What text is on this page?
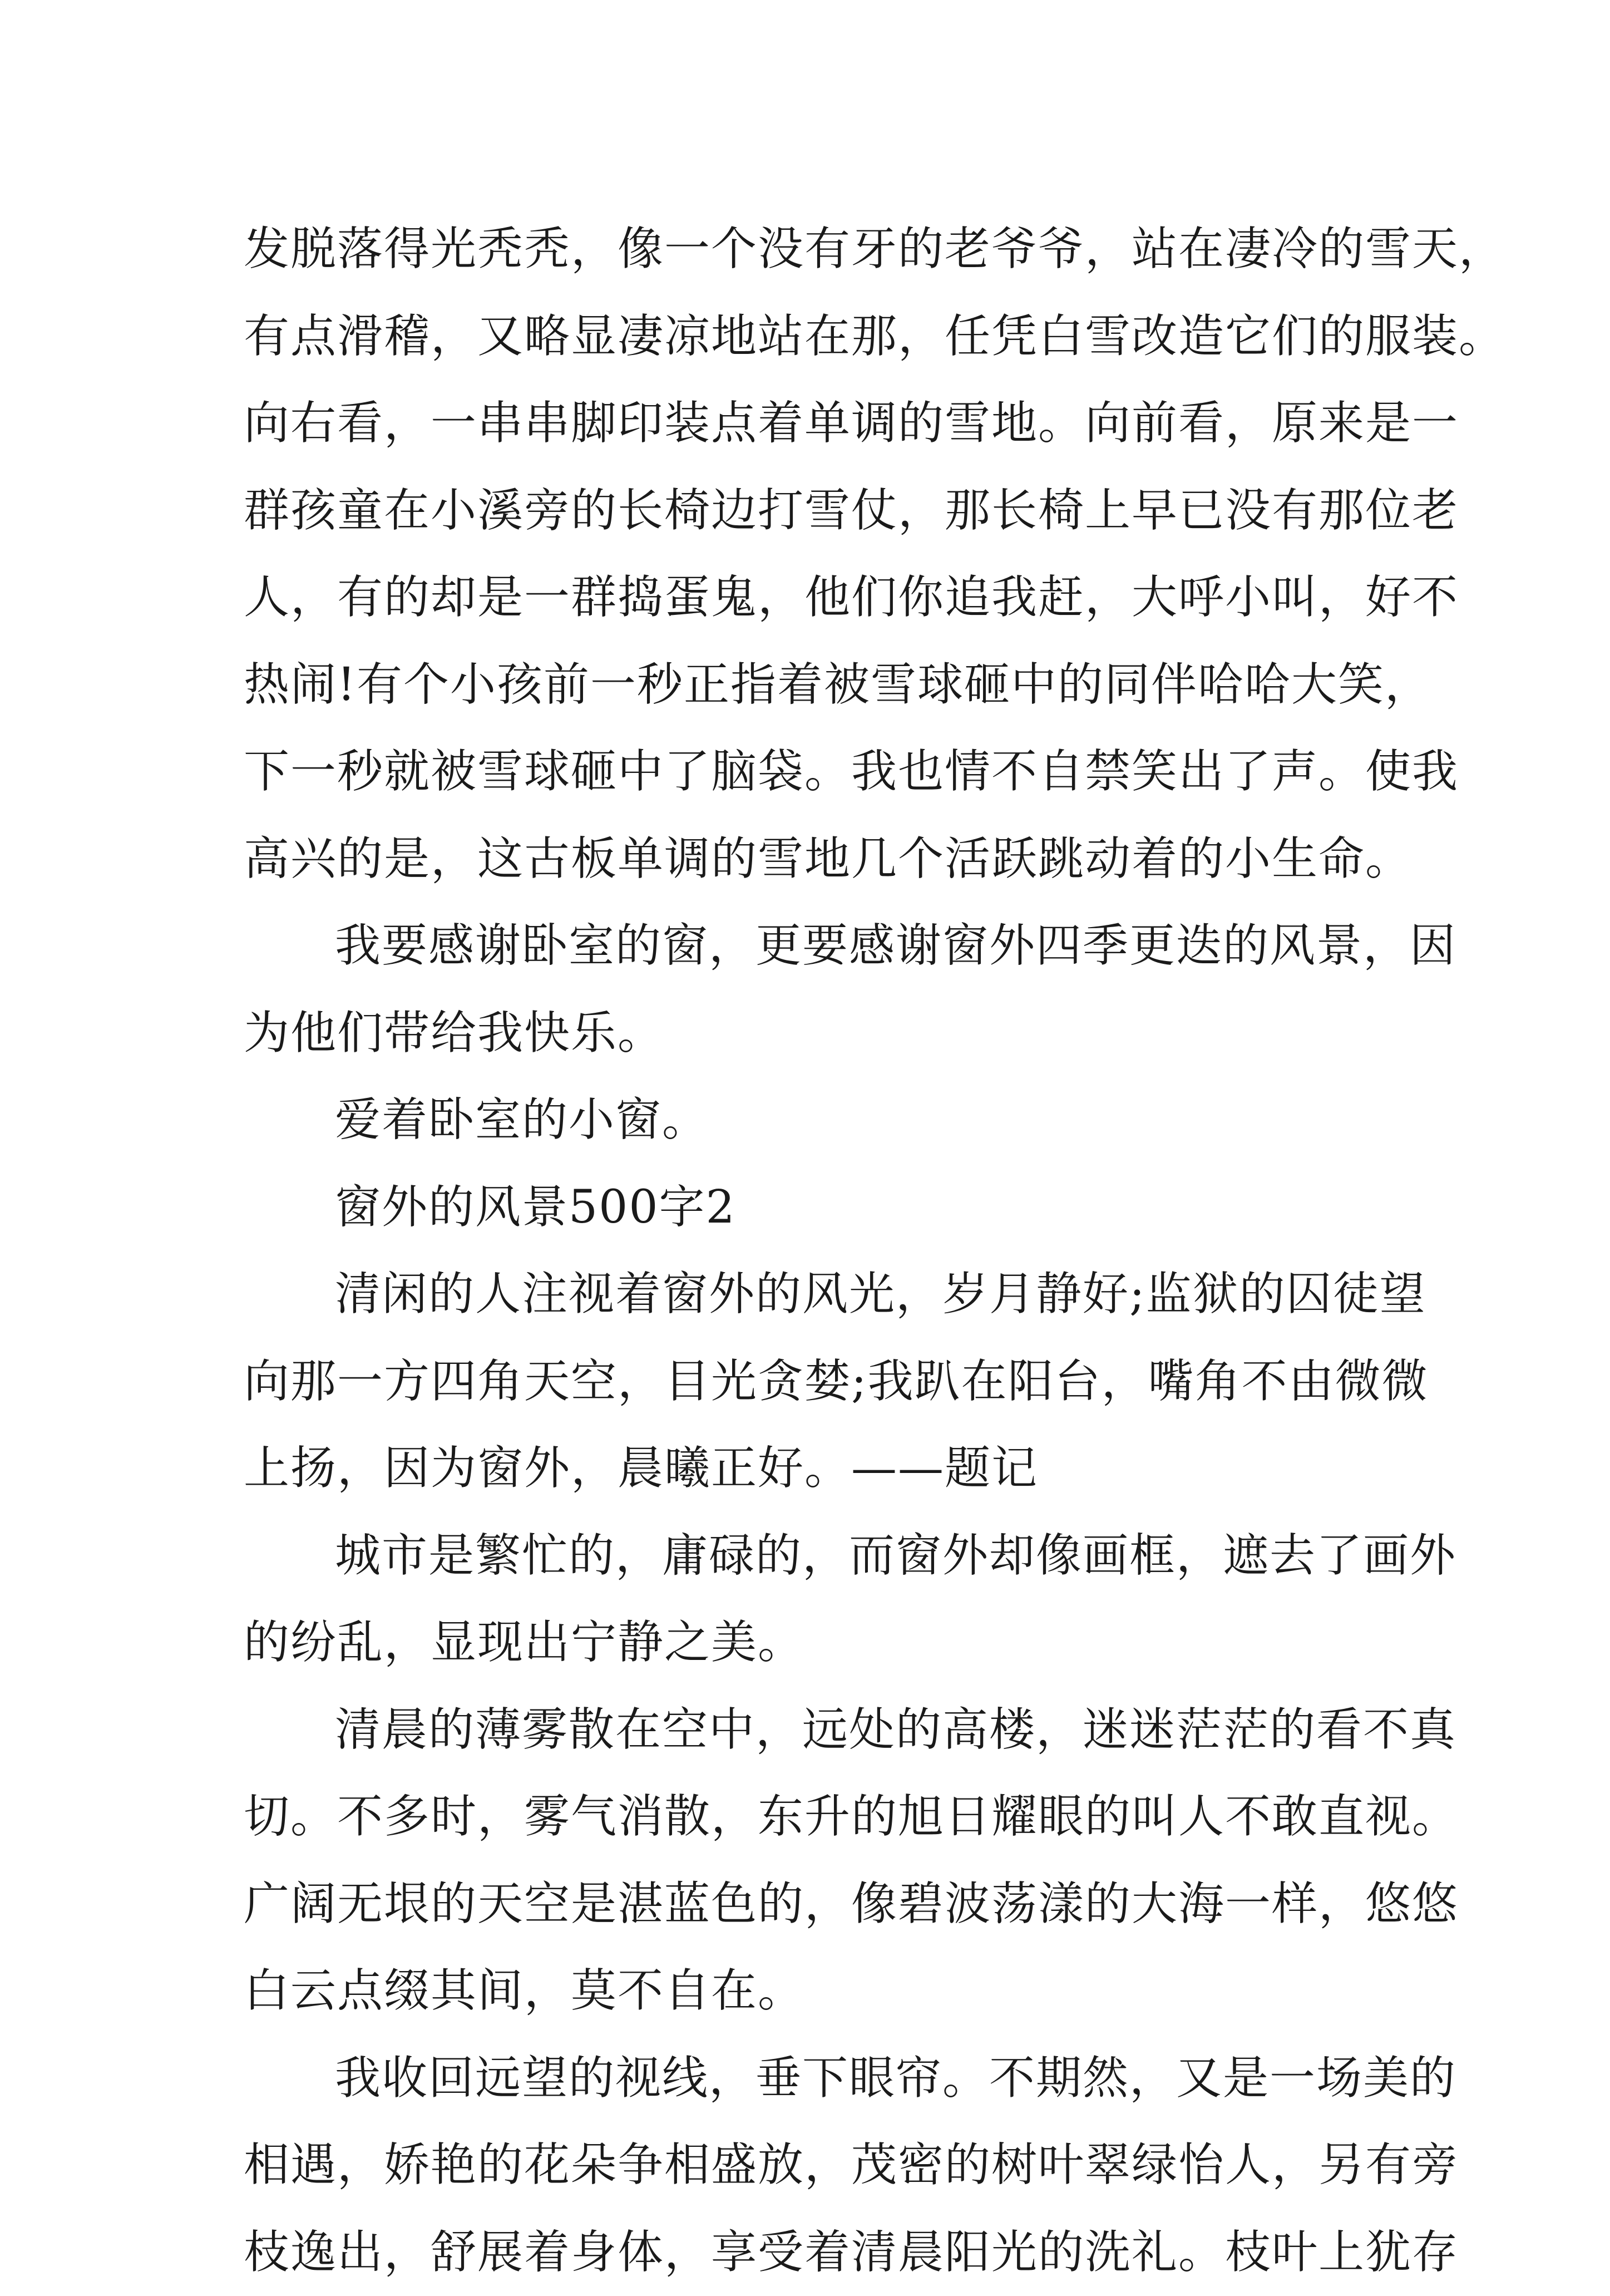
发脱落得光秃秃，像一个没有牙的老爷爷，站在凄冷的雪天，
有点滑稽，又略显凄凉地站在那，任凭白雪改造它们的服装。
向右看，一串串脚印装点着单调的雪地。向前看，原来是一
群孩童在小溪旁的长椅边打雪仗，那长椅上早已没有那位老
人，有的却是一群捣蛋鬼，他们你追我赶，大呼小叫，好不
热闹!有个小孩前一秒正指着被雪球砸中的同伴哈哈大笑，
下一秒就被雪球砸中了脑袋。我也情不自禁笑出了声。使我
高兴的是，这古板单调的雪地几个活跃跳动着的小生命。
我要感谢卧室的窗，更要感谢窗外四季更迭的风景，因
为他们带给我快乐。
爱着卧室的小窗。
窗外的风景500字2
清闲的人注视着窗外的风光，岁月静好;监狱的囚徒望
向那一方四角天空，目光贪婪;我趴在阳台，嘴角不由微微
上扬，因为窗外，晨曦正好。——题记
城市是繁忙的，庸碌的，而窗外却像画框，遮去了画外
的纷乱，显现出宁静之美。
清晨的薄雾散在空中，远处的高楼，迷迷茫茫的看不真
切。不多时，雾气消散，东升的旭日耀眼的叫人不敢直视。
广阔无垠的天空是湛蓝色的，像碧波荡漾的大海一样，悠悠
白云点缀其间，莫不自在。
我收回远望的视线，垂下眼帘。不期然，又是一场美的
相遇，娇艳的花朵争相盛放，茂密的树叶翠绿怡人，另有旁
枝逸出，舒展着身体，享受着清晨阳光的洗礼。枝叶上犹存
